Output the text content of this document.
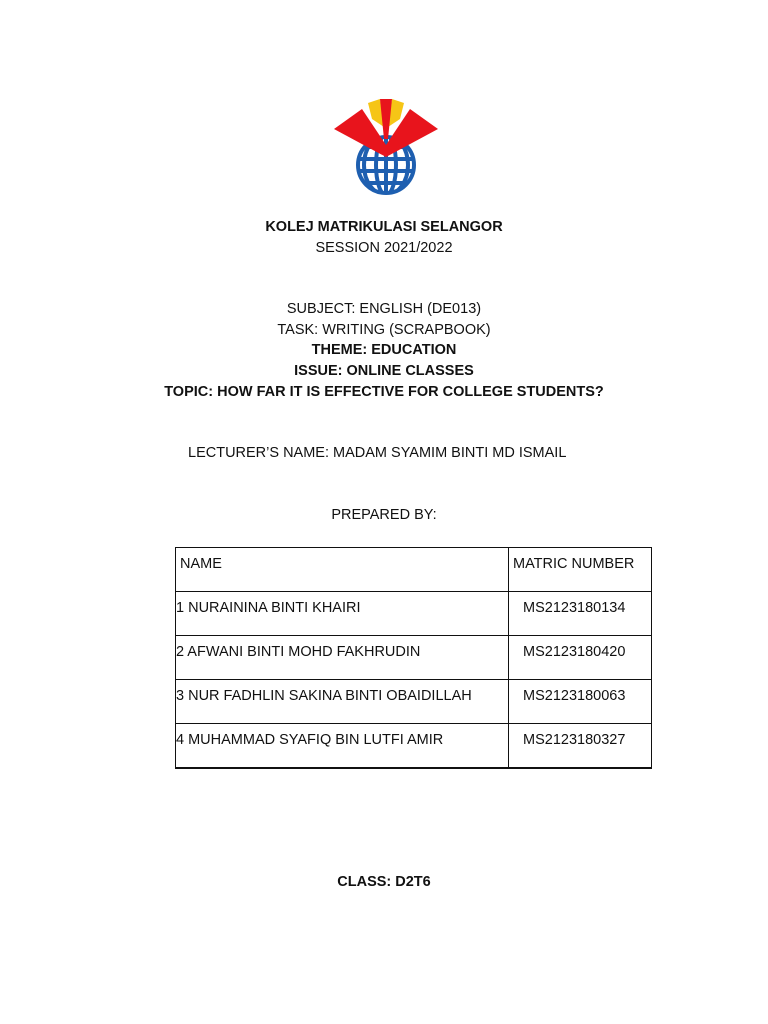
KOLEJ MATRIKULASI SELANGOR
SESSION 2021/2022
SUBJECT: ENGLISH (DE013)
TASK: WRITING (SCRAPBOOK)
THEME: EDUCATION
ISSUE: ONLINE CLASSES
TOPIC: HOW FAR IT IS EFFECTIVE FOR COLLEGE STUDENTS?
LECTURER’S NAME: MADAM SYAMIM BINTI MD ISMAIL
PREPARED BY:
NAME	MATRIC NUMBER

1 NURAININA BINTI KHAIRI	MS2123180134

2 AFWANI BINTI MOHD FAKHRUDIN	MS2123180420

3 NUR FADHLIN SAKINA BINTI OBAIDILLAH	MS2123180063

4 MUHAMMAD SYAFIQ BIN LUTFI AMIR	MS2123180327
CLASS: D2T6
